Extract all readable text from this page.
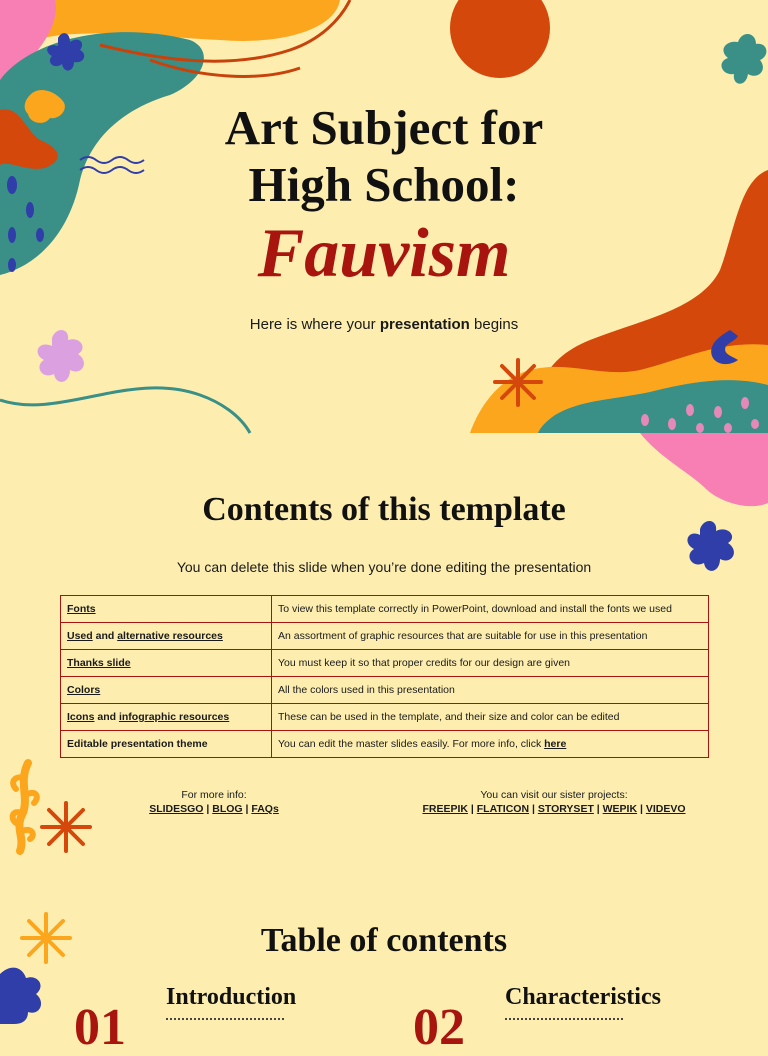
Art Subject for
High School:
Fauvism
Here is where your presentation begins
Contents of this template
You can delete this slide when you’re done editing the presentation
Fonts	To view this template correctly in PowerPoint, download and install the fonts we used
Used and alternative resources	An assortment of graphic resources that are suitable for use in this presentation
Thanks slide	You must keep it so that proper credits for our design are given
Colors	All the colors used in this presentation
Icons and infographic resources	These can be used in the template, and their size and color can be edited
Editable presentation theme	You can edit the master slides easily. For more info, click here
For more info:
SLIDESGO | BLOG | FAQs
You can visit our sister projects:
FREEPIK | FLATICON | STORYSET | WEPIK | VIDEVO
Table of contents
Introduction
01
Characteristics
02
